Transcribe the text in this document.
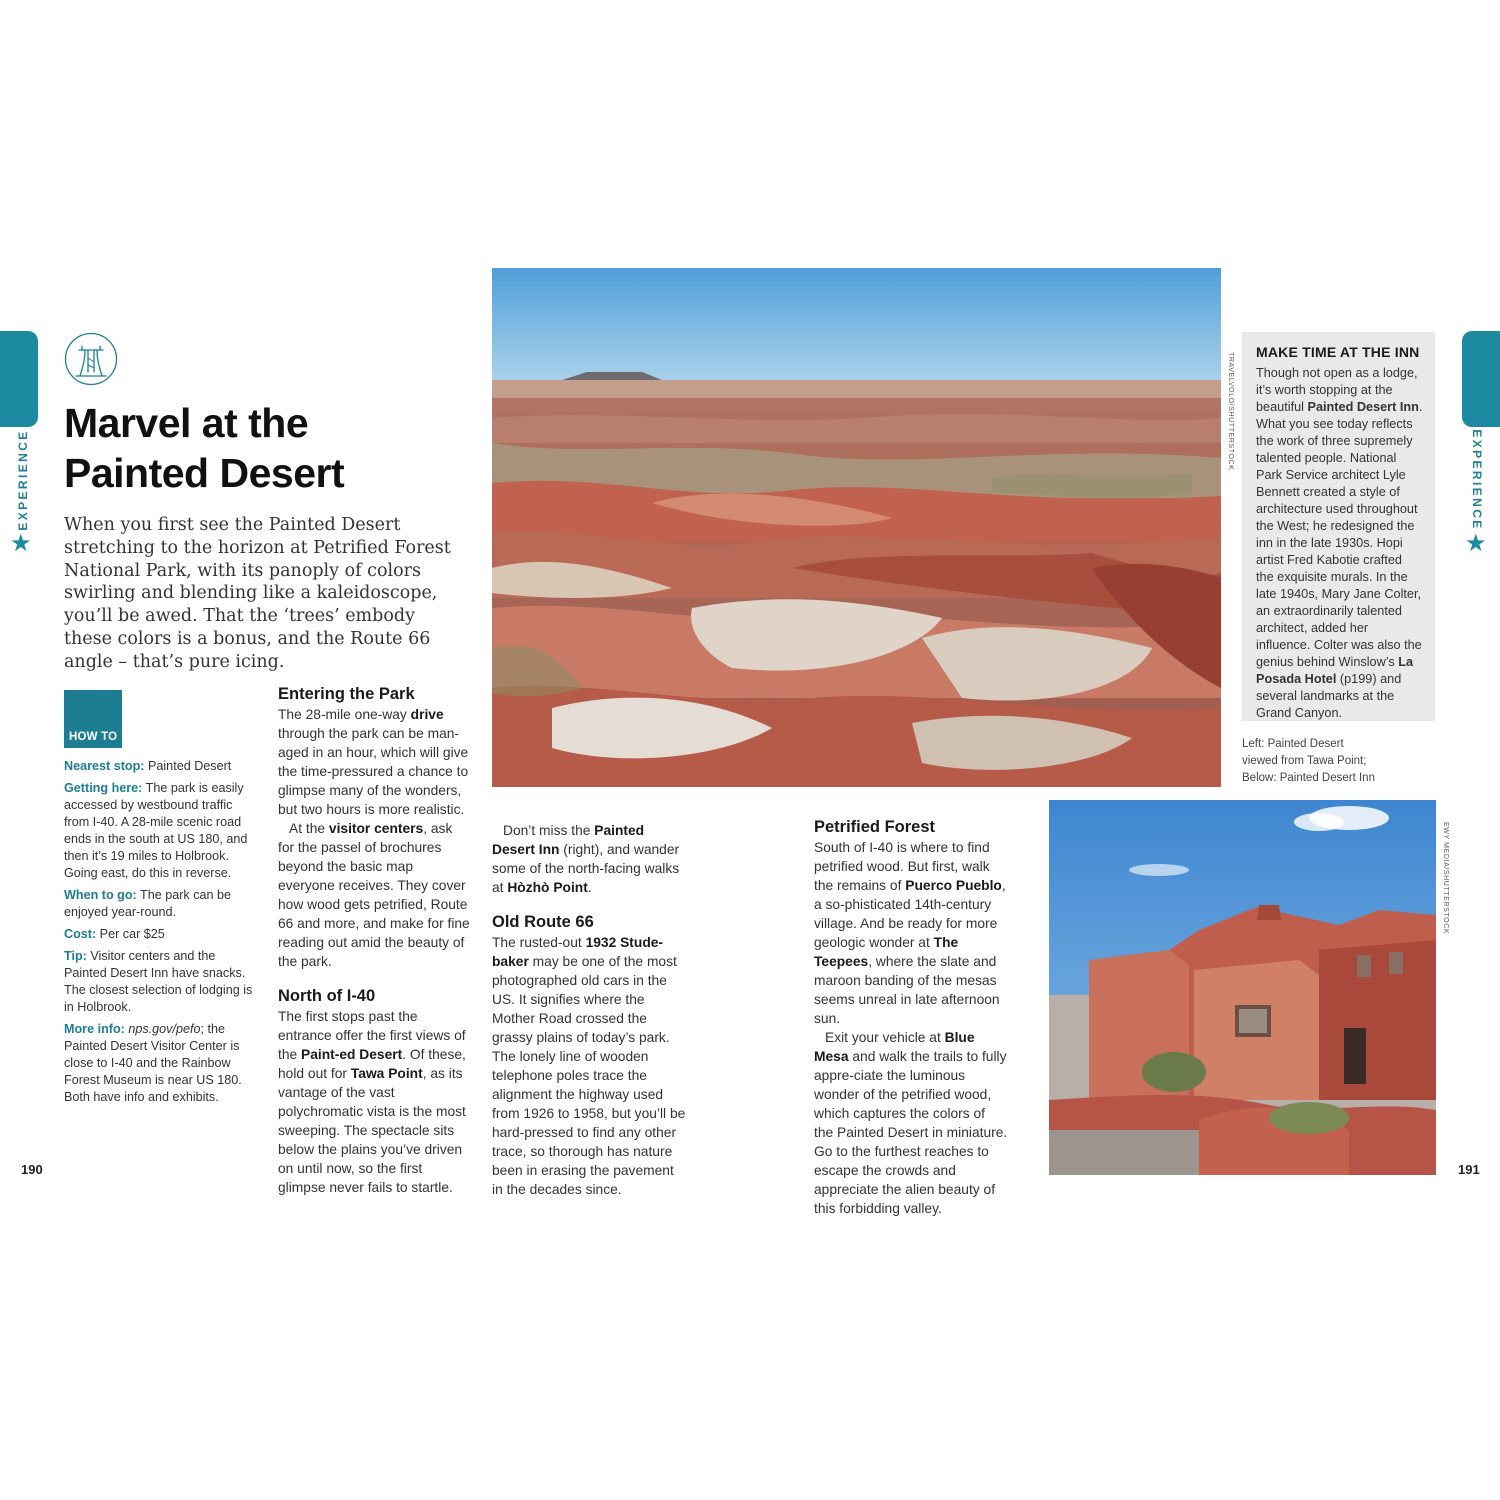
EXPERIENCE
★
EXPERIENCE
★
190	191
Marvel at the
Painted Desert

When you first see the Painted Desert stretching to the horizon at Petrified Forest National Park, with its panoply of colors swirling and blending like a kaleidoscope, you’ll be awed. That the ‘trees’ embody these colors is a bonus, and the Route 66 angle – that’s pure icing.

HOW TO

Nearest stop: Painted Desert

Getting here: The park is easily accessed by westbound traffic from I-40. A 28-mile scenic road ends in the south at US 180, and then it’s 19 miles to Holbrook. Going east, do this in reverse.

When to go: The park can be enjoyed year-round.

Cost: Per car $25

Tip: Visitor centers and the Painted Desert Inn have snacks. The closest selection of lodging is in Holbrook.

More info: nps.gov/pefo; the Painted Desert Visitor Center is close to I-40 and the Rainbow Forest Museum is near US 180. Both have info and exhibits.

Entering the Park

The 28-mile one-way drive through the park can be man-aged in an hour, which will give the time-pressured a chance to glimpse many of the wonders, but two hours is more realistic.

At the visitor centers, ask for the passel of brochures beyond the basic map everyone receives. They cover how wood gets petrified, Route 66 and more, and make for fine reading out amid the beauty of the park.

North of I-40

The first stops past the entrance offer the first views of the Paint-ed Desert. Of these, hold out for Tawa Point, as its vantage of the vast polychromatic vista is the most sweeping. The spectacle sits below the plains you’ve driven on until now, so the first glimpse never fails to startle.

Don’t miss the Painted Desert Inn (right), and wander some of the north-facing walks at Hòzhò Point.

Old Route 66

The rusted-out 1932 Stude-baker may be one of the most photographed old cars in the US. It signifies where the Mother Road crossed the grassy plains of today’s park. The lonely line of wooden telephone poles trace the alignment the highway used from 1926 to 1958, but you’ll be hard-pressed to find any other trace, so thorough has nature been in erasing the pavement in the decades since.

Petrified Forest

South of I-40 is where to find petrified wood. But first, walk the remains of Puerco Pueblo, a so-phisticated 14th-century village. And be ready for more geologic wonder at The Teepees, where the slate and maroon banding of the mesas seems unreal in late afternoon sun.

Exit your vehicle at Blue Mesa and walk the trails to fully appre-ciate the luminous wonder of the petrified wood, which captures the colors of the Painted Desert in miniature. Go to the furthest reaches to escape the crowds and appreciate the alien beauty of this forbidding valley.

TRAVELVOLO/SHUTTERSTOCK MAKE TIME AT THE INN

Though not open as a lodge, it’s worth stopping at the beautiful Painted Desert Inn. What you see today reflects the work of three supremely talented people. National Park Service architect Lyle Bennett created a style of architecture used throughout the West; he redesigned the inn in the late 1930s. Hopi artist Fred Kabotie crafted the exquisite murals. In the late 1940s, Mary Jane Colter, an extraordinarily talented architect, added her influence. Colter was also the genius behind Winslow’s La Posada Hotel (p199) and several landmarks at the Grand Canyon.

Left: Painted Desert
viewed from Tawa Point;
Below: Painted Desert Inn
EWY MEDIA/SHUTTERSTOCK
